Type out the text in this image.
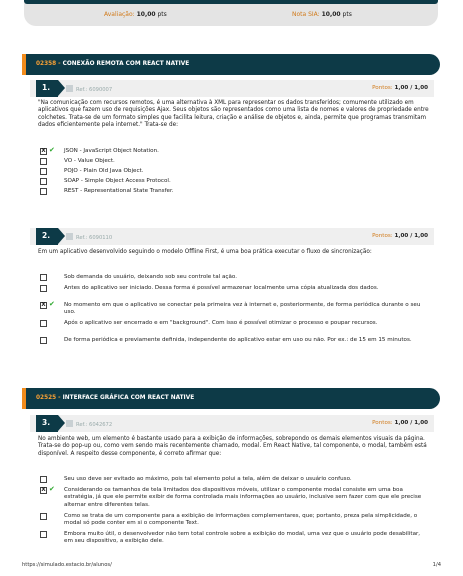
Avaliação: 10,00 pts	Nota SIA: 10,00 pts
02358 - CONEXÃO REMOTA COM REACT NATIVE
1.	Ref.: 6090007	Pontos: 1,00 / 1,00
"Na comunicação com recursos remotos, é uma alternativa à XML para representar os dados transferidos; comumente utilizado em aplicativos que fazem uso de requisições Ajax. Seus objetos são representados como uma lista de nomes e valores de propriedade entre colchetes. Trata-se de um formato simples que facilita leitura, criação e análise de objetos e, ainda, permite que programas transmitam dados eficientemente pela internet." Trata-se de:
X ✔ JSON - JavaScript Object Notation.
VO - Value Object.
POJO - Plain Old Java Object.
SOAP - Simple Object Access Protocol.
REST - Representational State Transfer.
2.	Ref.: 6090110	Pontos: 1,00 / 1,00
Em um aplicativo desenvolvido seguindo o modelo Offline First, é uma boa prática executar o fluxo de sincronização:
Sob demanda do usuário, deixando sob seu controle tal ação.
Antes do aplicativo ser iniciado. Dessa forma é possível armazenar localmente uma cópia atualizada dos dados.
X ✔ No momento em que o aplicativo se conectar pela primeira vez à internet e, posteriormente, de forma periódica durante o seu uso.
Após o aplicativo ser encerrado e em "background". Com isso é possível otimizar o processo e poupar recursos.
De forma periódica e previamente definida, independente do aplicativo estar em uso ou não. Por ex.: de 15 em 15 minutos.
02525 - INTERFACE GRÁFICA COM REACT NATIVE
3.	Ref.: 6042672	Pontos: 1,00 / 1,00
No ambiente web, um elemento é bastante usado para a exibição de informações, sobrepondo os demais elementos visuais da página. Trata-se do pop-up ou, como vem sendo mais recentemente chamado, modal. Em React Native, tal componente, o modal, também está disponível. A respeito desse componente, é correto afirmar que:
Seu uso deve ser evitado ao máximo, pois tal elemento polui a tela, além de deixar o usuário confuso.
X ✔ Considerando os tamanhos de tela limitados dos dispositivos móveis, utilizar o componente modal consiste em uma boa estratégia, já que ele permite exibir de forma controlada mais informações ao usuário, inclusive sem fazer com que ele precise alternar entre diferentes telas.
Como se trata de um componente para a exibição de informações complementares, que; portanto, preza pela simplicidade, o modal só pode conter em si o componente Text.
Embora muito útil, o desenvolvedor não tem total controle sobre a exibição do modal, uma vez que o usuário pode desabilitar, em seu dispositivo, a exibição dele.
https://simulado.estacio.br/alunos/	1/4
